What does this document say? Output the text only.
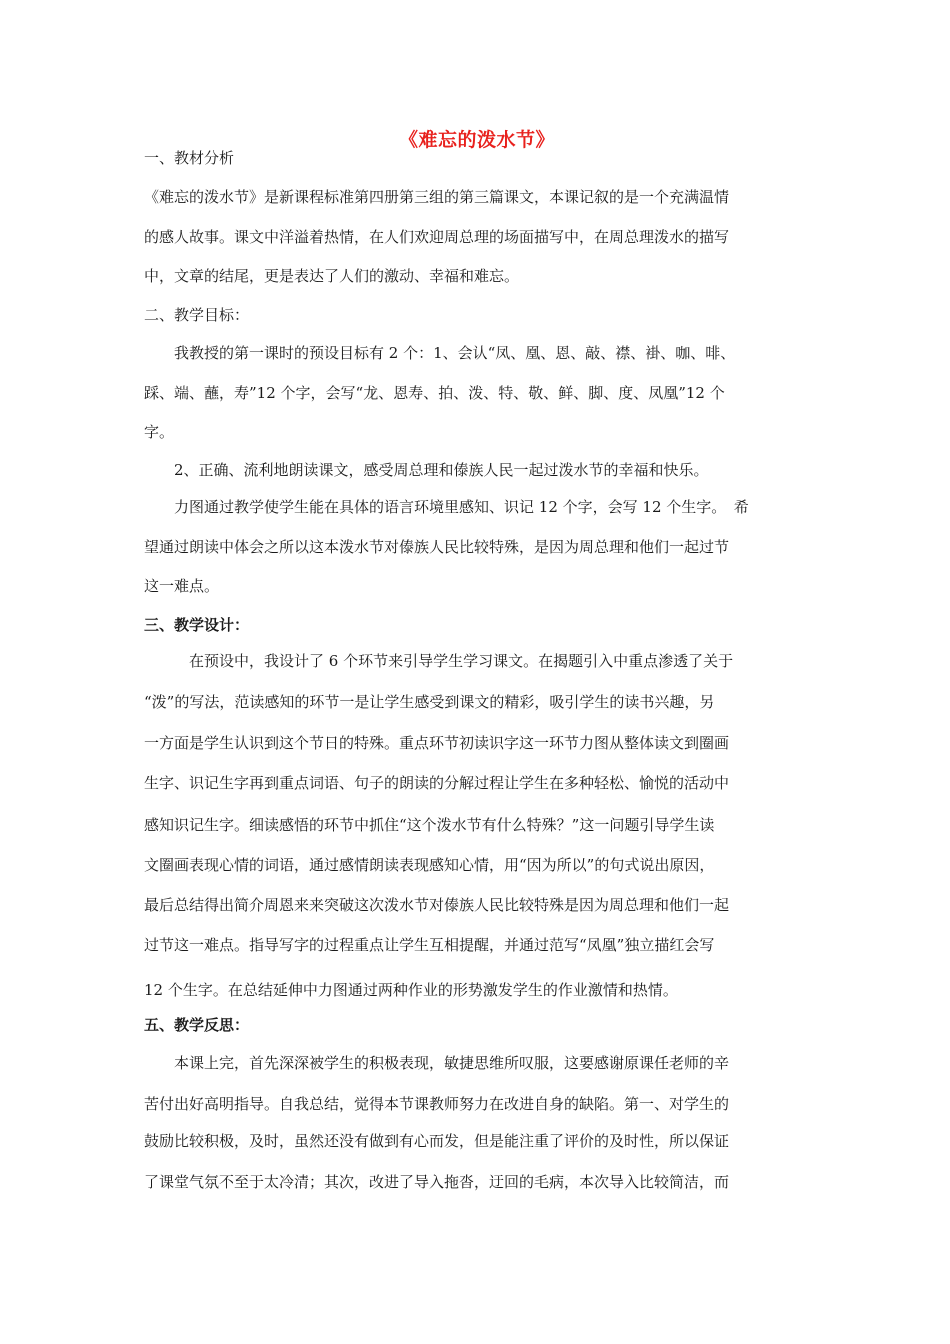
《难忘的泼水节》
一、教材分析
《难忘的泼水节》是新课程标准第四册第三组的第三篇课文，本课记叙的是一个充满温情
的感人故事。课文中洋溢着热情，在人们欢迎周总理的场面描写中，在周总理泼水的描写
中，文章的结尾，更是表达了人们的激动、幸福和难忘。
二、教学目标：
　　我教授的第一课时的预设目标有 2 个：1、会认“凤、凰、恩、敲、襟、褂、咖、啡、
踩、端、蘸，寿”12 个字，会写“龙、恩寿、拍、泼、特、敬、鲜、脚、度、凤凰”12 个
字。
　　2、正确、流利地朗读课文，感受周总理和傣族人民一起过泼水节的幸福和快乐。
　　力图通过教学使学生能在具体的语言环境里感知、识记 12 个字，会写 12 个生字。　希
望通过朗读中体会之所以这本泼水节对傣族人民比较特殊，是因为周总理和他们一起过节
这一难点。
三、教学设计：
　　　在预设中，我设计了 6 个环节来引导学生学习课文。在揭题引入中重点渗透了关于
“泼”的写法，范读感知的环节一是让学生感受到课文的精彩，吸引学生的读书兴趣，另
一方面是学生认识到这个节日的特殊。重点环节初读识字这一环节力图从整体读文到圈画
生字、识记生字再到重点词语、句子的朗读的分解过程让学生在多种轻松、愉悦的活动中
感知识记生字。细读感悟的环节中抓住“这个泼水节有什么特殊？”这一问题引导学生读
文圈画表现心情的词语，通过感情朗读表现感知心情，用“因为所以”的句式说出原因，
最后总结得出简介周恩来来突破这次泼水节对傣族人民比较特殊是因为周总理和他们一起
过节这一难点。指导写字的过程重点让学生互相提醒，并通过范写“凤凰”独立描红会写
12 个生字。在总结延伸中力图通过两种作业的形势激发学生的作业激情和热情。
五、教学反思：
　　本课上完，首先深深被学生的积极表现，敏捷思维所叹服，这要感谢原课任老师的辛
苦付出好高明指导。自我总结，觉得本节课教师努力在改进自身的缺陷。第一、对学生的
鼓励比较积极，及时，虽然还没有做到有心而发，但是能注重了评价的及时性，所以保证
了课堂气氛不至于太冷清；其次，改进了导入拖沓，迂回的毛病，本次导入比较简洁，而
